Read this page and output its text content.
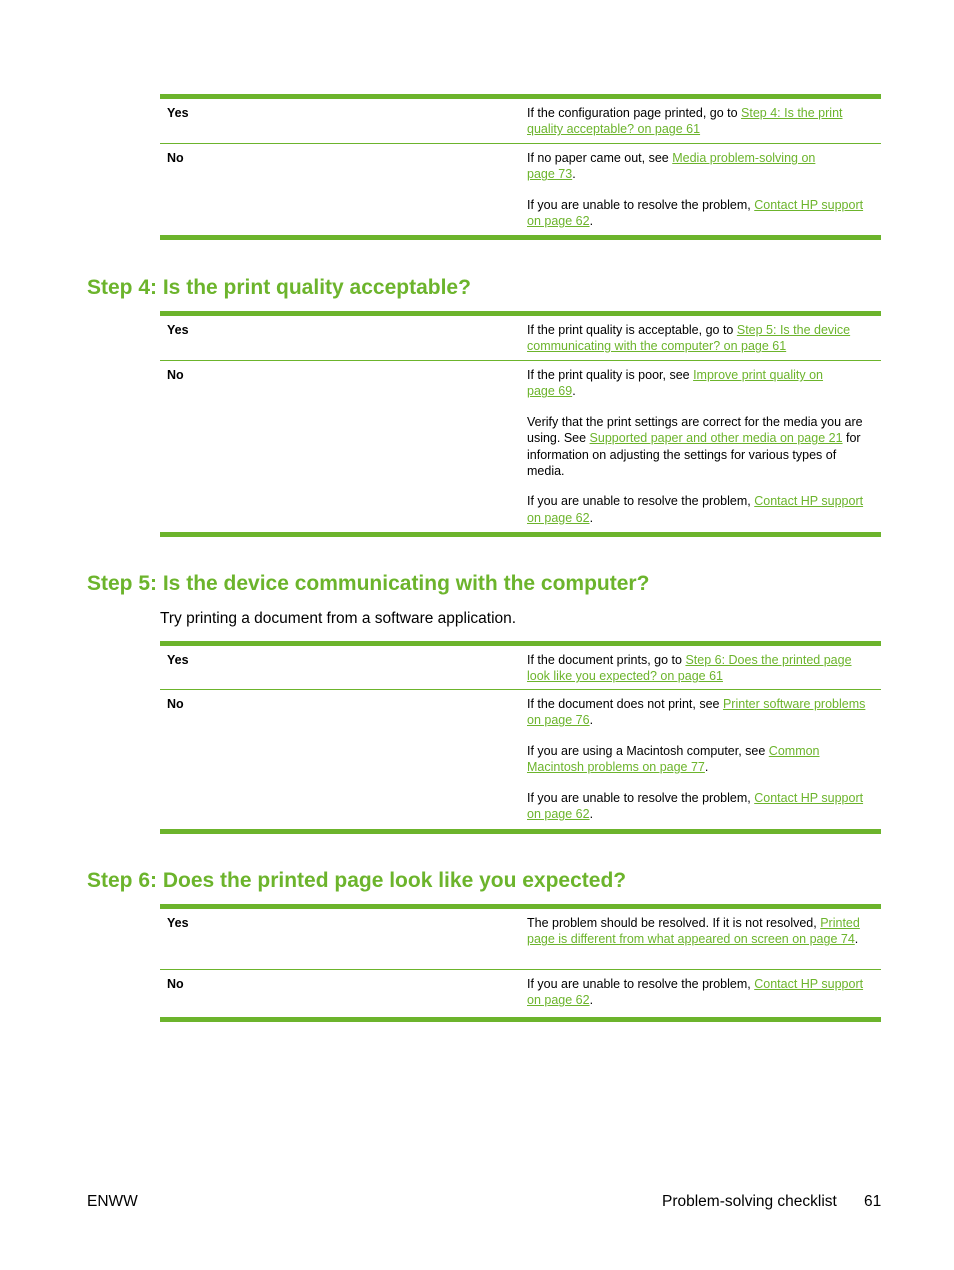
Yes	If the configuration page printed, go to Step 4: Is the print quality acceptable? on page 61

No	If no paper came out, see Media problem-solving on page 73.

If you are unable to resolve the problem, Contact HP support on page 62.

Step 4: Is the print quality acceptable?
Yes	If the print quality is acceptable, go to Step 5: Is the device communicating with the computer? on page 61

No	If the print quality is poor, see Improve print quality on page 69.

Verify that the print settings are correct for the media you are using. See Supported paper and other media on page 21 for information on adjusting the settings for various types of media.

If you are unable to resolve the problem, Contact HP support on page 62.

Step 5: Is the device communicating with the computer?

Try printing a document from a software application.

Yes	If the document prints, go to Step 6: Does the printed page look like you expected? on page 61

No	If the document does not print, see Printer software problems on page 76.

If you are using a Macintosh computer, see Common Macintosh problems on page 77.

If you are unable to resolve the problem, Contact HP support on page 62.

Step 6: Does the printed page look like you expected?
Yes	The problem should be resolved. If it is not resolved, Printed page is different from what appeared on screen on page 74.

No	If you are unable to resolve the problem, Contact HP support on page 62.

ENWW	Problem-solving checklist 61
